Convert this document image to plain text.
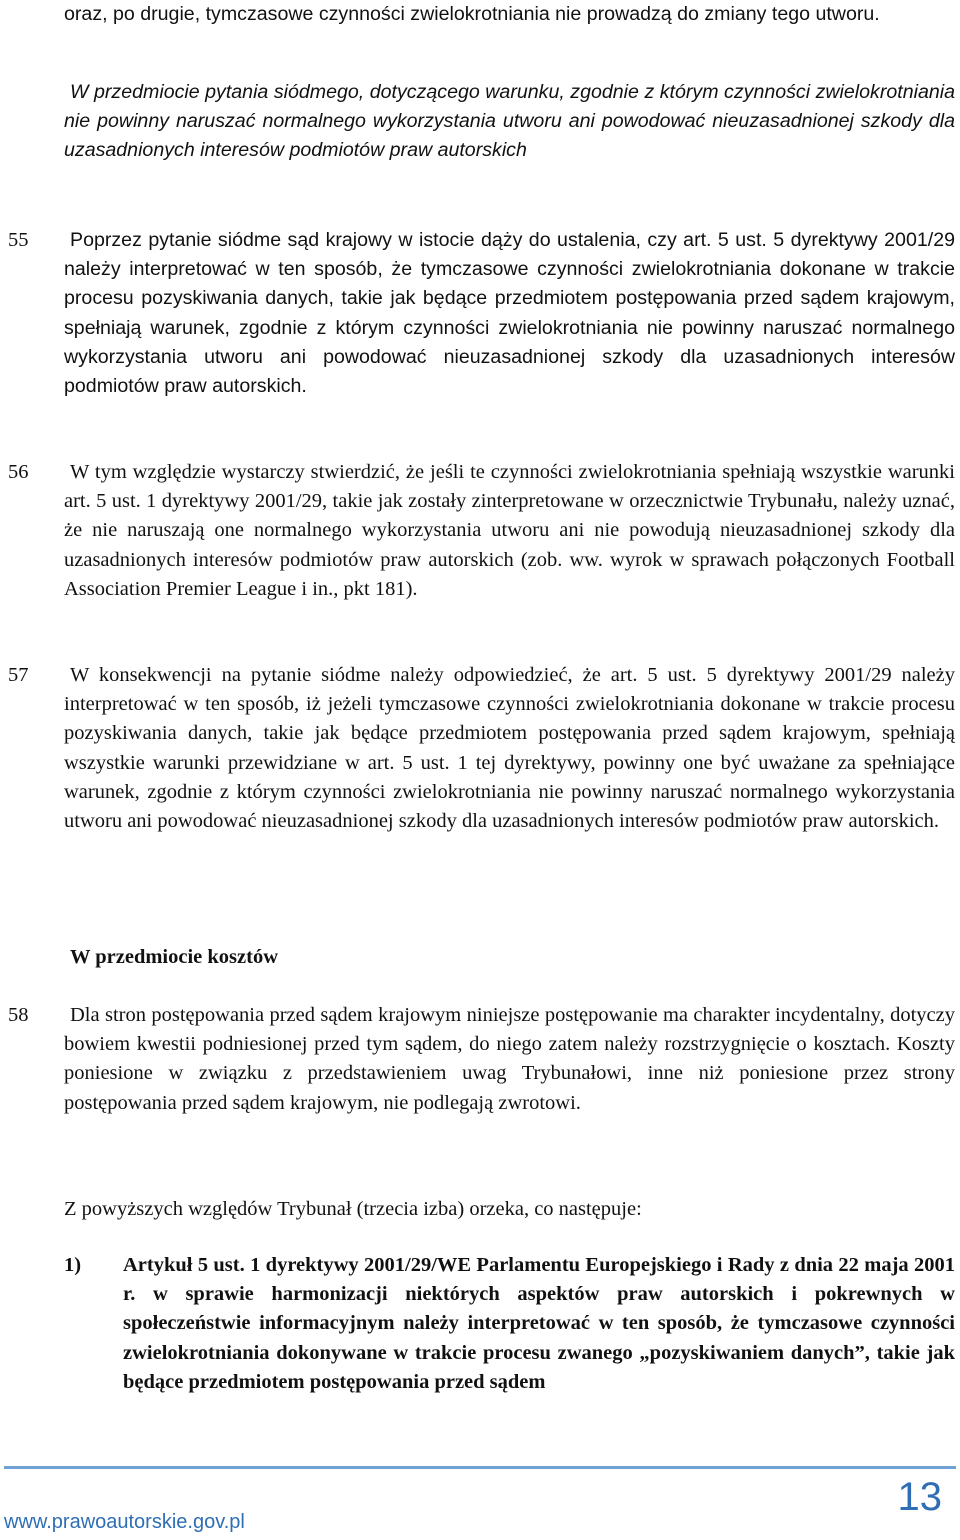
oraz, po drugie, tymczasowe czynności zwielokrotniania nie prowadzą do zmiany tego utworu.

W przedmiocie pytania siódmego, dotyczącego warunku, zgodnie z którym czynności zwielokrotniania nie powinny naruszać normalnego wykorzystania utworu ani powodować nieuzasadnionej szkody dla uzasadnionych interesów podmiotów praw autorskich

55	Poprzez pytanie siódme sąd krajowy w istocie dąży do ustalenia, czy art. 5 ust. 5 dyrektywy 2001/29 należy interpretować w ten sposób, że tymczasowe czynności zwielokrotniania dokonane w trakcie procesu pozyskiwania danych, takie jak będące przedmiotem postępowania przed sądem krajowym, spełniają warunek, zgodnie z którym czynności zwielokrotniania nie powinny naruszać normalnego wykorzystania utworu ani powodować nieuzasadnionej szkody dla uzasadnionych interesów podmiotów praw autorskich.

56 W tym względzie wystarczy stwierdzić, że jeśli te czynności zwielokrotniania spełniają wszystkie warunki art. 5 ust. 1 dyrektywy 2001/29, takie jak zostały zinterpretowane w orzecznictwie Trybunału, należy uznać, że nie naruszają one normalnego wykorzystania utworu ani nie powodują nieuzasadnionej szkody dla uzasadnionych interesów podmiotów praw autorskich (zob. ww. wyrok w sprawach połączonych Football Association Premier League i in., pkt 181).

57 W konsekwencji na pytanie siódme należy odpowiedzieć, że art. 5 ust. 5 dyrektywy 2001/29 należy interpretować w ten sposób, iż jeżeli tymczasowe czynności zwielokrotniania dokonane w trakcie procesu pozyskiwania danych, takie jak będące przedmiotem postępowania przed sądem krajowym, spełniają wszystkie warunki przewidziane w art. 5 ust. 1 tej dyrektywy, powinny one być uważane za spełniające warunek, zgodnie z którym czynności zwielokrotniania nie powinny naruszać normalnego wykorzystania utworu ani powodować nieuzasadnionej szkody dla uzasadnionych interesów podmiotów praw autorskich.

W przedmiocie kosztów
58 Dla stron postępowania przed sądem krajowym niniejsze postępowanie ma charakter incydentalny, dotyczy bowiem kwestii podniesionej przed tym sądem, do niego zatem należy rozstrzygnięcie o kosztach. Koszty poniesione w związku z przedstawieniem uwag Trybunałowi, inne niż poniesione przez strony postępowania przed sądem krajowym, nie podlegają zwrotowi.

Z powyższych względów Trybunał (trzecia izba) orzeka, co następuje:

1) Artykuł 5 ust. 1 dyrektywy 2001/29/WE Parlamentu Europejskiego i Rady z dnia 22 maja 2001 r. w sprawie harmonizacji niektórych aspektów praw autorskich i pokrewnych w społeczeństwie informacyjnym należy interpretować w ten sposób, że tymczasowe czynności zwielokrotniania dokonywane w trakcie procesu zwanego „pozyskiwaniem danych”, takie jak będące przedmiotem postępowania przed sądem

www.prawoautorskie.gov.pl
13
